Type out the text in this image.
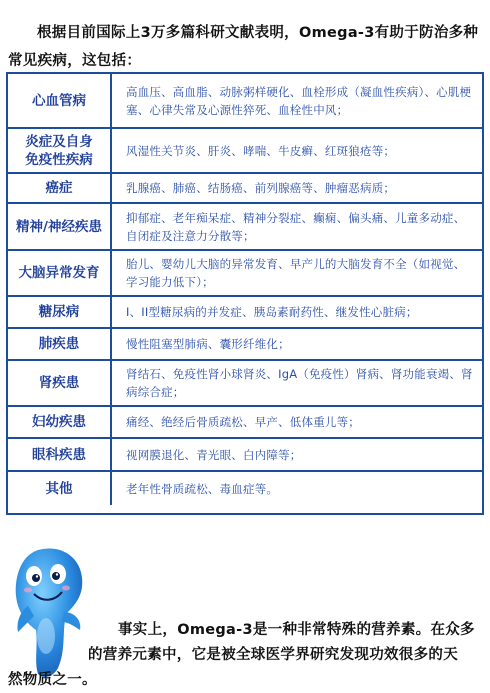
根据目前国际上3万多篇科研文献表明，Omega-3有助于防治多种常见疾病，这包括：

心血管病	高血压、高血脂、动脉粥样硬化、血栓形成（凝血性疾病）、心肌梗塞、心律失常及心源性猝死、血栓性中风；
炎症及自身免疫性疾病	风湿性关节炎、肝炎、哮喘、牛皮癣、红斑狼疮等；
癌症	乳腺癌、肺癌、结肠癌、前列腺癌等、肿瘤恶病质；
精神/神经疾患	抑郁症、老年痴呆症、精神分裂症、癫痫、偏头痛、儿童多动症、自闭症及注意力分散等；
大脑异常发育	胎儿、婴幼儿大脑的异常发育、早产儿的大脑发育不全（如视觉、学习能力低下）；
糖尿病	I、II型糖尿病的并发症、胰岛素耐药性、继发性心脏病；
肺疾患	慢性阻塞型肺病、囊形纤维化；
肾疾患	肾结石、免疫性肾小球肾炎、IgA（免疫性）肾病、肾功能衰竭、肾病综合症；
妇幼疾患	痛经、绝经后骨质疏松、早产、低体重儿等；
眼科疾患	视网膜退化、青光眼、白内障等；
其他	老年性骨质疏松、毒血症等。
事实上，Omega-3是一种非常特殊的营养素。在众多
的营养元素中，它是被全球医学界研究发现功效很多的天
然物质之一。
